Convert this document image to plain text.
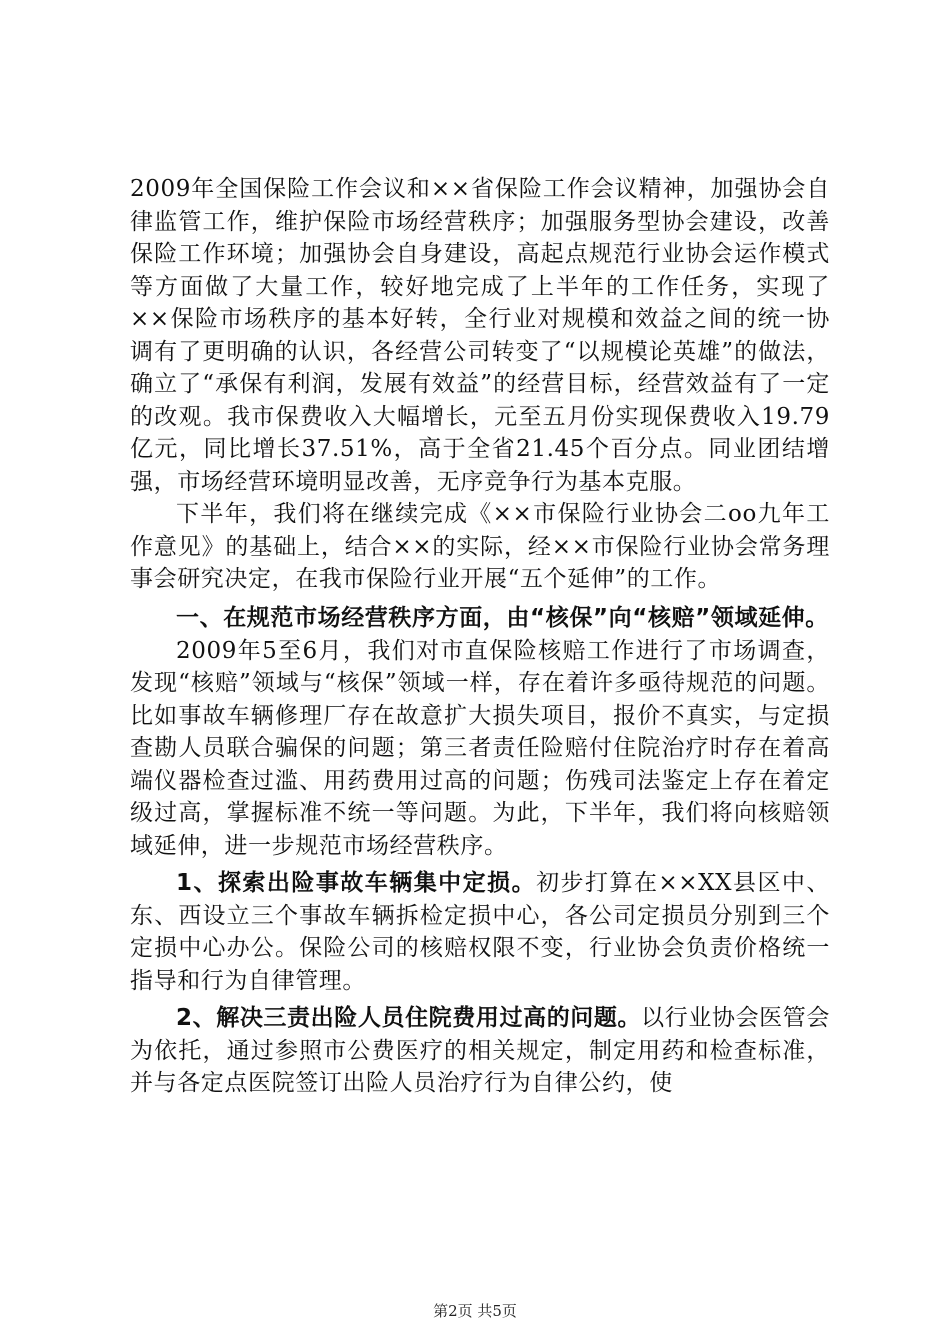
2009年全国保险工作会议和××省保险工作会议精神，加强协会自律监管工作，维护保险市场经营秩序；加强服务型协会建设，改善保险工作环境；加强协会自身建设，高起点规范行业协会运作模式等方面做了大量工作，较好地完成了上半年的工作任务，实现了××保险市场秩序的基本好转，全行业对规模和效益之间的统一协调有了更明确的认识，各经营公司转变了“以规模论英雄”的做法，确立了“承保有利润，发展有效益”的经营目标，经营效益有了一定的改观。我市保费收入大幅增长，元至五月份实现保费收入19.79亿元，同比增长37.51%，高于全省21.45个百分点。同业团结增强，市场经营环境明显改善，无序竞争行为基本克服。

下半年，我们将在继续完成《××市保险行业协会二oo九年工作意见》的基础上，结合××的实际，经××市保险行业协会常务理事会研究决定，在我市保险行业开展“五个延伸”的工作。

一、在规范市场经营秩序方面，由“核保”向“核赔”领域延伸。

2009年5至6月，我们对市直保险核赔工作进行了市场调查，发现“核赔”领域与“核保”领域一样，存在着许多亟待规范的问题。比如事故车辆修理厂存在故意扩大损失项目，报价不真实，与定损查勘人员联合骗保的问题；第三者责任险赔付住院治疗时存在着高端仪器检查过滥、用药费用过高的问题；伤残司法鉴定上存在着定级过高，掌握标准不统一等问题。为此，下半年，我们将向核赔领域延伸，进一步规范市场经营秩序。

1、探索出险事故车辆集中定损。初步打算在××XX县区中、东、西设立三个事故车辆拆检定损中心，各公司定损员分别到三个定损中心办公。保险公司的核赔权限不变，行业协会负责价格统一指导和行为自律管理。

2、解决三责出险人员住院费用过高的问题。以行业协会医管会为依托，通过参照市公费医疗的相关规定，制定用药和检查标准，并与各定点医院签订出险人员治疗行为自律公约，使

第2页 共5页
